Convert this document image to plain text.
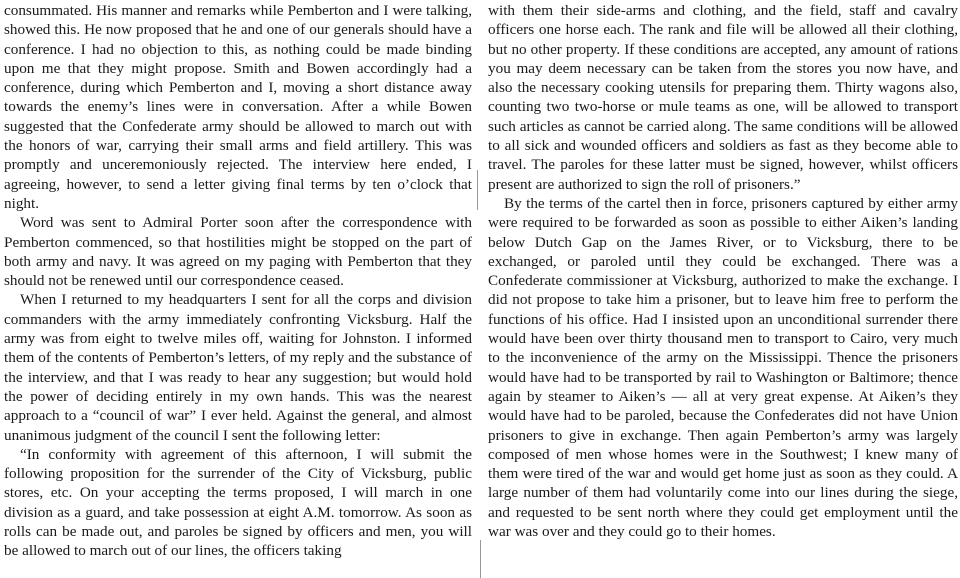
consummated. His manner and remarks while Pemberton and I were talking, showed this. He now proposed that he and one of our generals should have a conference. I had no objection to this, as nothing could be made binding upon me that they might propose. Smith and Bowen accordingly had a conference, during which Pemberton and I, moving a short distance away towards the enemy’s lines were in conversation. After a while Bowen suggested that the Confederate army should be allowed to march out with the honors of war, carrying their small arms and field artillery. This was promptly and unceremoniously rejected. The interview here ended, I agreeing, however, to send a letter giving final terms by ten o’clock that night.

Word was sent to Admiral Porter soon after the correspondence with Pemberton commenced, so that hostilities might be stopped on the part of both army and navy. It was agreed on my paging with Pemberton that they should not be renewed until our correspondence ceased.

When I returned to my headquarters I sent for all the corps and division commanders with the army immediately confronting Vicksburg. Half the army was from eight to twelve miles off, waiting for Johnston. I informed them of the contents of Pemberton’s letters, of my reply and the substance of the interview, and that I was ready to hear any suggestion; but would hold the power of deciding entirely in my own hands. This was the nearest approach to a “council of war” I ever held. Against the general, and almost unanimous judgment of the council I sent the following letter:

“In conformity with agreement of this afternoon, I will submit the following proposition for the surrender of the City of Vicksburg, public stores, etc. On your accepting the terms proposed, I will march in one division as a guard, and take possession at eight A.M. tomorrow. As soon as rolls can be made out, and paroles be signed by officers and men, you will be allowed to march out of our lines, the officers taking

with them their side-arms and clothing, and the field, staff and cavalry officers one horse each. The rank and file will be allowed all their clothing, but no other property. If these conditions are accepted, any amount of rations you may deem necessary can be taken from the stores you now have, and also the necessary cooking utensils for preparing them. Thirty wagons also, counting two two-horse or mule teams as one, will be allowed to transport such articles as cannot be carried along. The same conditions will be allowed to all sick and wounded officers and soldiers as fast as they become able to travel. The paroles for these latter must be signed, however, whilst officers present are authorized to sign the roll of prisoners.”

By the terms of the cartel then in force, prisoners captured by either army were required to be forwarded as soon as possible to either Aiken’s landing below Dutch Gap on the James River, or to Vicksburg, there to be exchanged, or paroled until they could be exchanged. There was a Confederate commissioner at Vicksburg, authorized to make the exchange. I did not propose to take him a prisoner, but to leave him free to perform the functions of his office. Had I insisted upon an unconditional surrender there would have been over thirty thousand men to transport to Cairo, very much to the inconvenience of the army on the Mississippi. Thence the prisoners would have had to be transported by rail to Washington or Baltimore; thence again by steamer to Aiken’s — all at very great expense. At Aiken’s they would have had to be paroled, because the Confederates did not have Union prisoners to give in exchange. Then again Pemberton’s army was largely composed of men whose homes were in the Southwest; I knew many of them were tired of the war and would get home just as soon as they could. A large number of them had voluntarily come into our lines during the siege, and requested to be sent north where they could get employment until the war was over and they could go to their homes.
